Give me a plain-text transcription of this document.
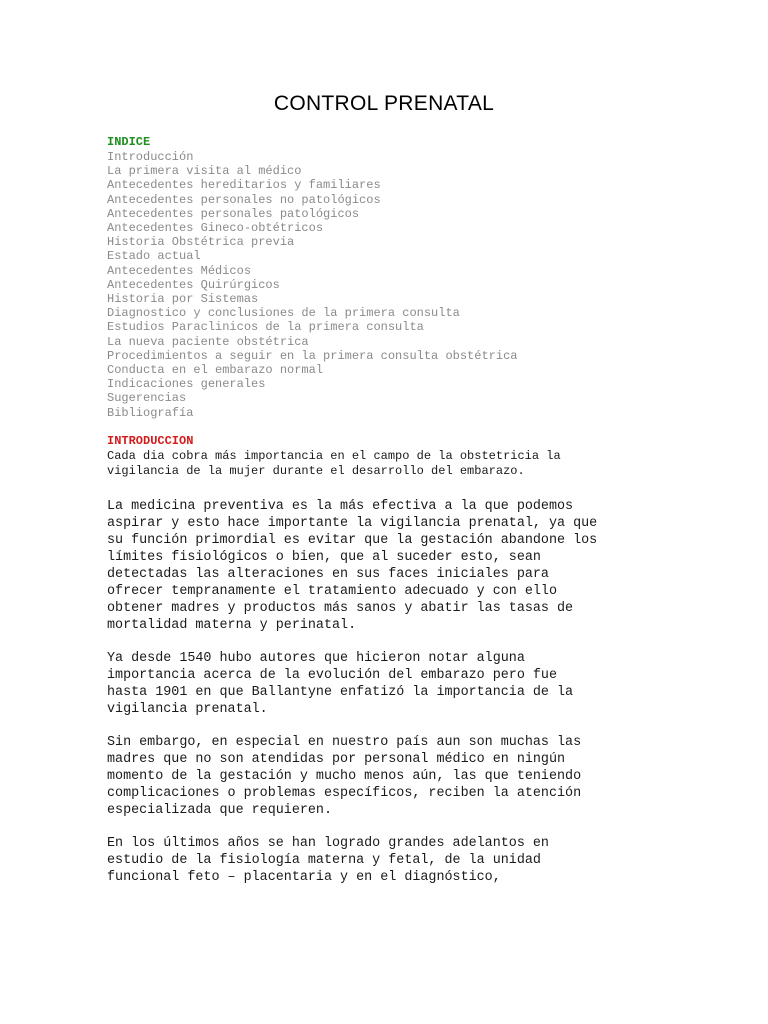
CONTROL PRENATAL
INDICE
Introducción
La primera visita al médico
Antecedentes hereditarios y familiares
Antecedentes personales no patológicos
Antecedentes personales patológicos
Antecedentes Gineco-obtétricos
Historia Obstétrica previa
Estado actual
Antecedentes Médicos
Antecedentes Quirúrgicos
Historia por Sistemas
Diagnostico y conclusiones de la primera consulta
Estudios Paraclinicos de la primera consulta
La nueva paciente obstétrica
Procedimientos a seguir en la primera consulta obstétrica
Conducta en el embarazo normal
Indicaciones generales
Sugerencias
Bibliografía
INTRODUCCION

Cada dia cobra más importancia en el campo de la obstetricia la
vigilancia de la mujer durante el desarrollo del embarazo.

La medicina preventiva es la más efectiva a la que podemos
aspirar y esto hace importante la vigilancia prenatal, ya que
su función primordial es evitar que la gestación abandone los
límites fisiológicos o bien, que al suceder esto, sean
detectadas las alteraciones en sus faces iniciales para
ofrecer tempranamente el tratamiento adecuado y con ello
obtener madres y productos más sanos y abatir las tasas de
mortalidad materna y perinatal.

Ya desde 1540 hubo autores que hicieron notar alguna
importancia acerca de la evolución del embarazo pero fue
hasta 1901 en que Ballantyne enfatizó la importancia de la
vigilancia prenatal.

Sin embargo, en especial en nuestro país aun son muchas las
madres que no son atendidas por personal médico en ningún
momento de la gestación y mucho menos aún, las que teniendo
complicaciones o problemas específicos, reciben la atención
especializada que requieren.

En los últimos años se han logrado grandes adelantos en
estudio de la fisiología materna y fetal, de la unidad
funcional feto – placentaria y en el diagnóstico,
